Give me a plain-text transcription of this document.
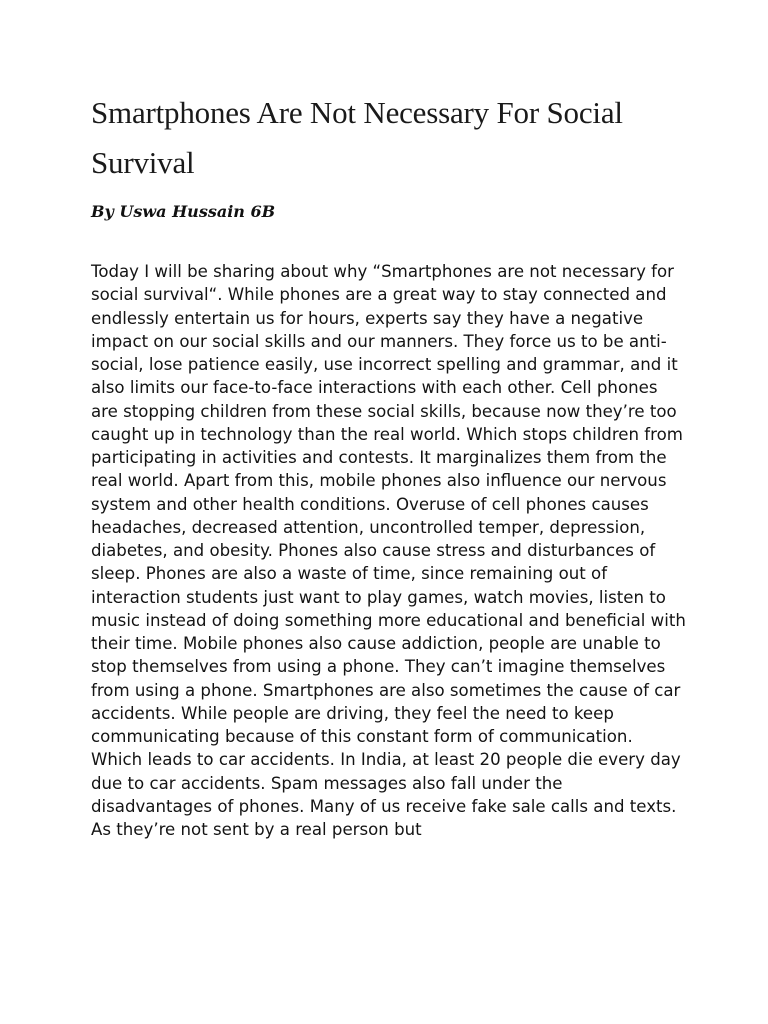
Smartphones Are Not Necessary For Social Survival

By Uswa Hussain 6B

Today I will be sharing about why “Smartphones are not necessary for social survival“. While phones are a great way to stay connected and endlessly entertain us for hours, experts say they have a negative impact on our social skills and our manners. They force us to be anti-social, lose patience easily, use incorrect spelling and grammar, and it also limits our face-to-face interactions with each other. Cell phones are stopping children from these social skills, because now they’re too caught up in technology than the real world. Which stops children from participating in activities and contests. It marginalizes them from the real world. Apart from this, mobile phones also influence our nervous system and other health conditions. Overuse of cell phones causes headaches, decreased attention, uncontrolled temper, depression, diabetes, and obesity. Phones also cause stress and disturbances of sleep. Phones are also a waste of time, since remaining out of interaction students just want to play games, watch movies, listen to music instead of doing something more educational and beneficial with their time. Mobile phones also cause addiction, people are unable to stop themselves from using a phone. They can’t imagine themselves from using a phone. Smartphones are also sometimes the cause of car accidents. While people are driving, they feel the need to keep communicating because of this constant form of communication. Which leads to car accidents. In India, at least 20 people die every day due to car accidents. Spam messages also fall under the disadvantages of phones. Many of us receive fake sale calls and texts. As they’re not sent by a real person but
